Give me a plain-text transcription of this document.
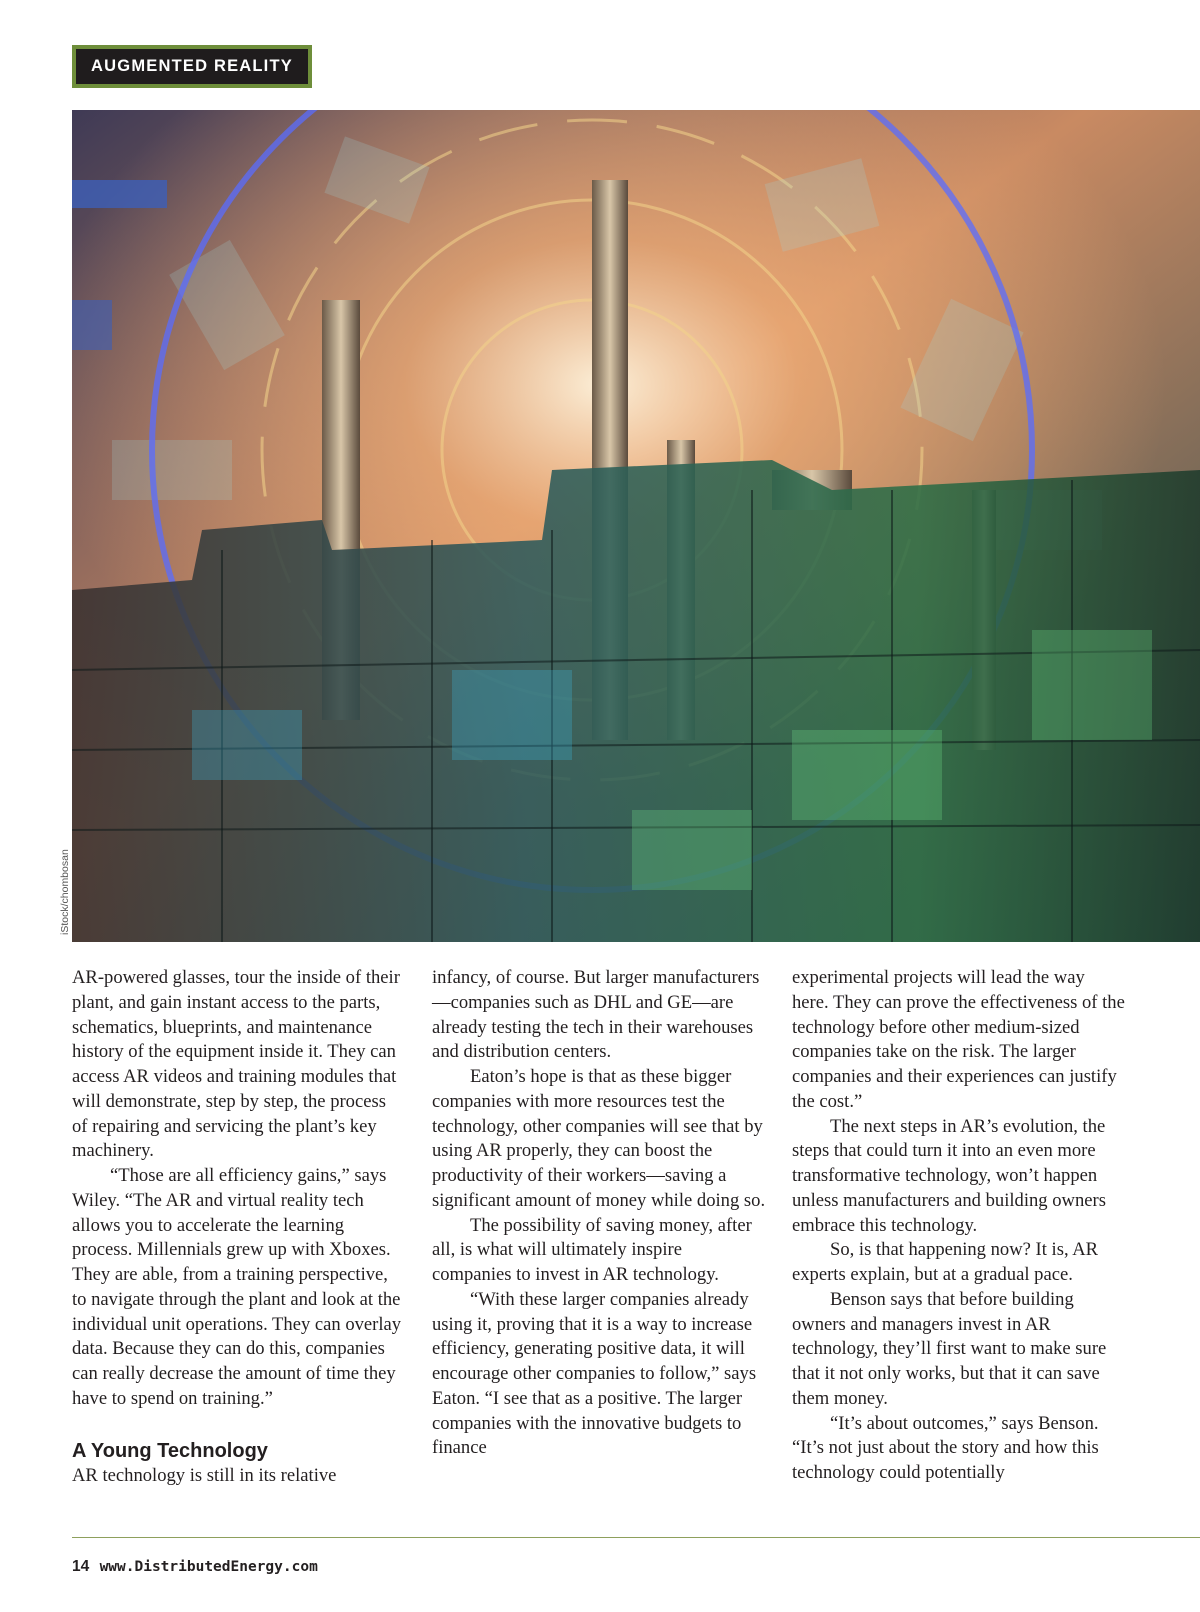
AUGMENTED REALITY
iStock/chombosan

AR-powered glasses, tour the inside of their plant, and gain instant access to the parts, schematics, blueprints, and maintenance history of the equipment inside it. They can access AR videos and training modules that will demonstrate, step by step, the process of repairing and servicing the plant’s key machinery.

“Those are all efficiency gains,” says Wiley. “The AR and virtual reality tech allows you to accelerate the learning process. Millennials grew up with Xboxes. They are able, from a training perspective, to navigate through the plant and look at the individual unit operations. They can overlay data. Because they can do this, companies can really decrease the amount of time they have to spend on training.”

A Young Technology

AR technology is still in its relative

infancy, of course. But larger manufacturers—companies such as DHL and GE—are already testing the tech in their warehouses and distribution centers.

Eaton’s hope is that as these bigger companies with more resources test the technology, other companies will see that by using AR properly, they can boost the productivity of their workers—saving a significant amount of money while doing so.

The possibility of saving money, after all, is what will ultimately inspire companies to invest in AR technology.

“With these larger companies already using it, proving that it is a way to increase efficiency, generating positive data, it will encourage other companies to follow,” says Eaton. “I see that as a positive. The larger companies with the innovative budgets to finance

experimental projects will lead the way here. They can prove the effectiveness of the technology before other medium-sized companies take on the risk. The larger companies and their experiences can justify the cost.”

The next steps in AR’s evolution, the steps that could turn it into an even more transformative technology, won’t happen unless manufacturers and building owners embrace this technology.

So, is that happening now? It is, AR experts explain, but at a gradual pace.

Benson says that before building owners and managers invest in AR technology, they’ll first want to make sure that it not only works, but that it can save them money.

“It’s about outcomes,” says Benson. “It’s not just about the story and how this technology could potentially

14 www.DistributedEnergy.com
